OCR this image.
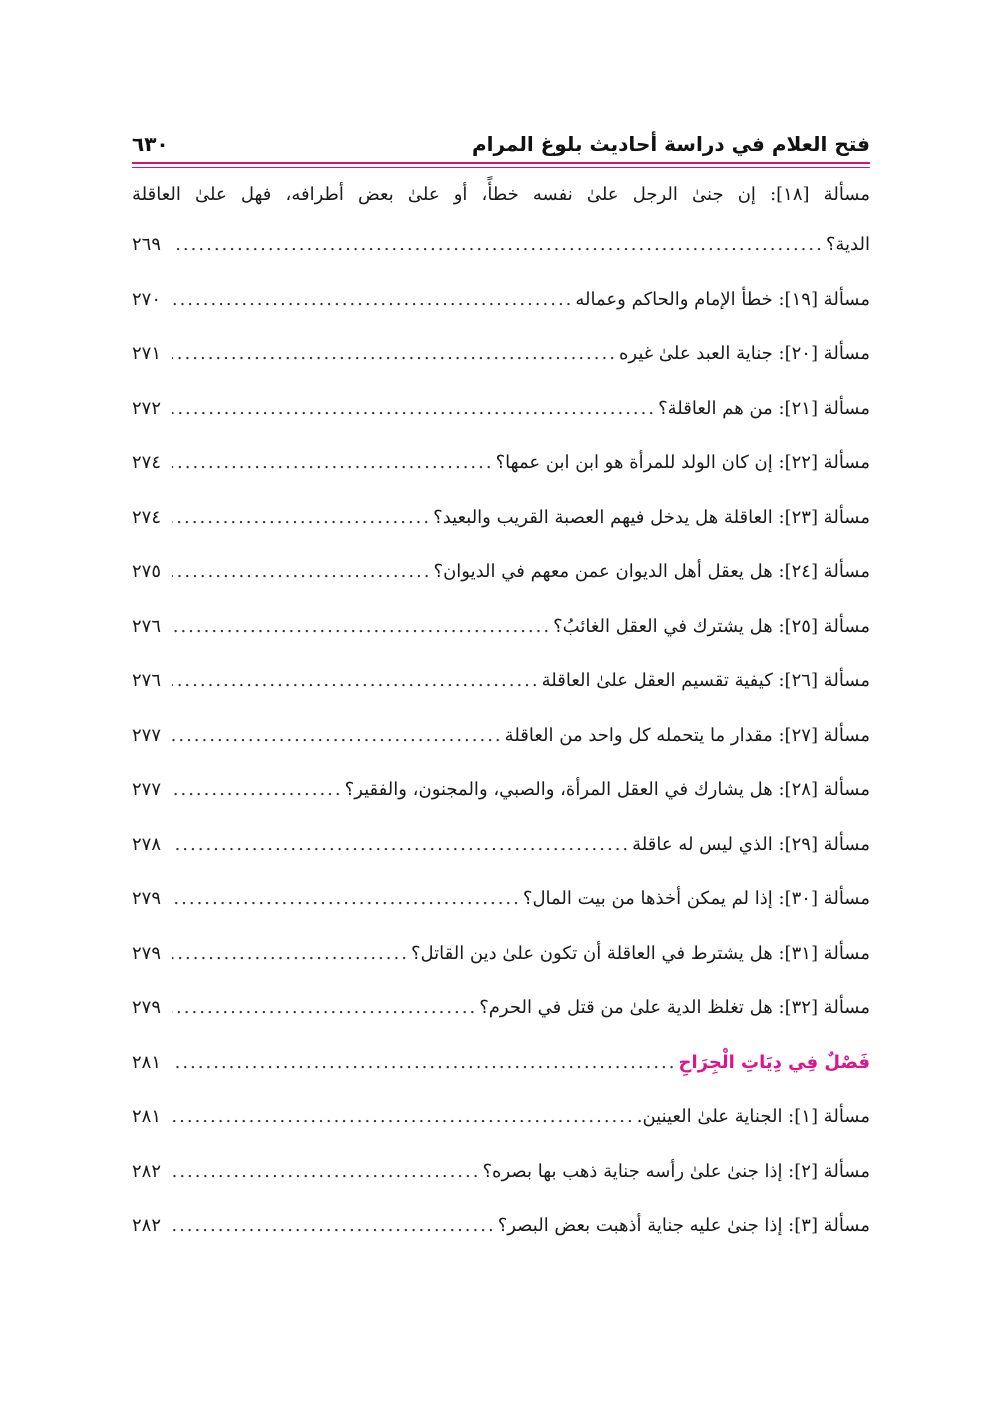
فتح العلام في دراسة أحاديث بلوغ المرام
٦٣٠
مسألة [١٨]: إن جنىٰ الرجل علىٰ نفسه خطأً، أو علىٰ بعض أطرافه، فهل علىٰ العاقلة
الدية؟
.....
٢٦٩
مسألة [١٩]: خطأ الإمام والحاكم وعماله
.....
٢٧٠
مسألة [٢٠]: جناية العبد علىٰ غيره
.....
٢٧١
مسألة [٢١]: من هم العاقلة؟
.....
٢٧٢
مسألة [٢٢]: إن كان الولد للمرأة هو ابن ابن عمها؟
.....
٢٧٤
مسألة [٢٣]: العاقلة هل يدخل فيهم العصبة القريب والبعيد؟
.....
٢٧٤
مسألة [٢٤]: هل يعقل أهل الديوان عمن معهم في الديوان؟
.....
٢٧٥
مسألة [٢٥]: هل يشترك في العقل الغائبُ؟
.....
٢٧٦
مسألة [٢٦]: كيفية تقسيم العقل علىٰ العاقلة
.....
٢٧٦
مسألة [٢٧]: مقدار ما يتحمله كل واحد من العاقلة
.....
٢٧٧
مسألة [٢٨]: هل يشارك في العقل المرأة، والصبي، والمجنون، والفقير؟
.....
٢٧٧
مسألة [٢٩]: الذي ليس له عاقلة
.....
٢٧٨
مسألة [٣٠]: إذا لم يمكن أخذها من بيت المال؟
.....
٢٧٩
مسألة [٣١]: هل يشترط في العاقلة أن تكون علىٰ دين القاتل؟
.....
٢٧٩
مسألة [٣٢]: هل تغلظ الدية علىٰ من قتل في الحرم؟
.....
٢٧٩
فَصْلٌ فِي دِيَاتِ الْجِرَاحِ
.....
٢٨١
مسألة [١]: الجناية علىٰ العينين.
.....
٢٨١
مسألة [٢]: إذا جنىٰ علىٰ رأسه جناية ذهب بها بصره؟
.....
٢٨٢
مسألة [٣]: إذا جنىٰ عليه جناية أذهبت بعض البصر؟
.....
٢٨٢
